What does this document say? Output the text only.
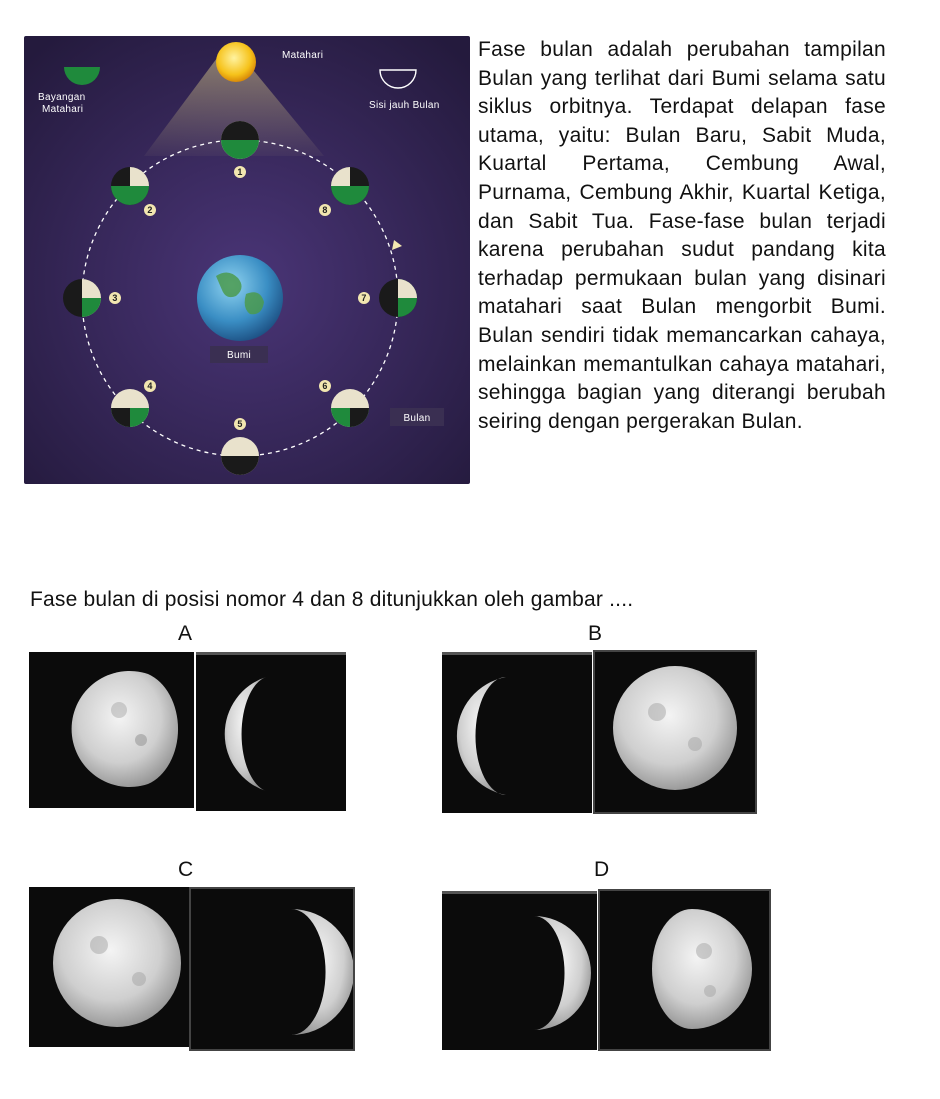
Matahari
Bayangan
Matahari	Sisi jauh Bulan
Bumi
1
2
3
4
5
6
7
8
Bulan
Fase bulan adalah perubahan tampilan Bulan yang terlihat dari Bumi selama satu siklus orbitnya. Terdapat delapan fase utama, yaitu: Bulan Baru, Sabit Muda, Kuartal Pertama, Cembung Awal, Purnama, Cembung Akhir, Kuartal Ketiga, dan Sabit Tua. Fase-fase bulan terjadi karena perubahan sudut pandang kita terhadap permukaan bulan yang disinari matahari saat Bulan mengorbit Bumi. Bulan sendiri tidak memancarkan cahaya, melainkan memantulkan cahaya matahari, sehingga bagian yang diterangi berubah seiring dengan pergerakan Bulan.

Fase bulan di posisi nomor 4 dan 8 ditunjukkan oleh gambar ....

A	B
C	D
